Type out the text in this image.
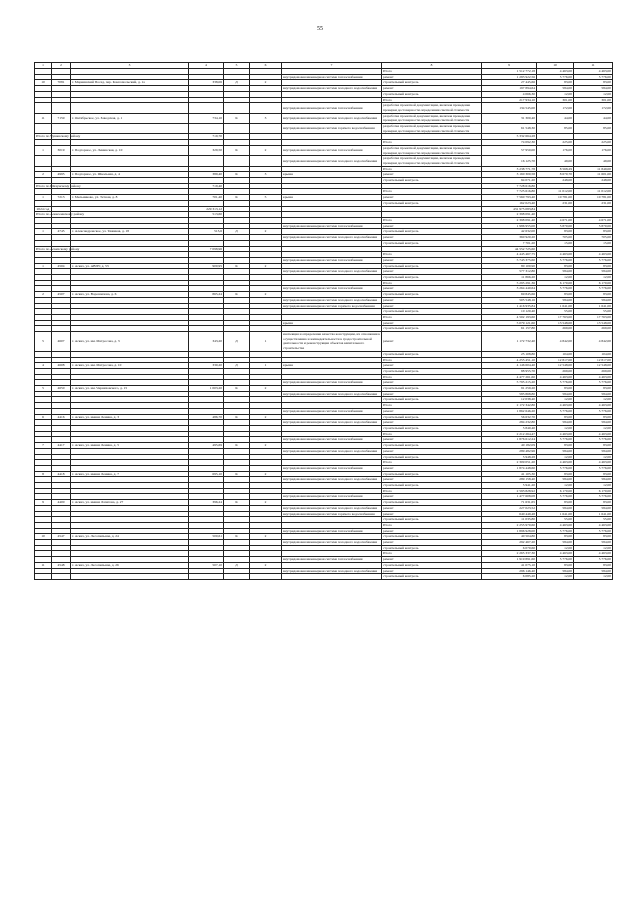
55
1	2	3	4	5	6	7	8	9	10	11
							Итого	1 512 772,18	4 463,00	4 463,00
						внутридомовая инженерная система теплоснабжения	ремонт	1 283 922,56	5 776,00	5 776,00
10	7081	г. Мариинский Посад, пер. Комсомольский, д. 1а	338,06	Д	2		строительный контроль	27 445,66	83,00	83,00
						внутридомовая инженерная система холодного водоснабжения	ремонт	197 894,64	584,00	584,00
							строительный контроль	4 066,30	12,00	12,00
							Итого	217 934,10	301,00	301,00
						внутридомовая инженерная система теплоснабжения	разработка проектной документации, включая проведение проверки достоверности определения сметной стоимости	134 545,00	172,00	172,00
11	7159	г. Октябрьское, ул. Заводская, д. 1	734,10	К	3	внутридомовая инженерная система холодного водоснабжения	разработка проектной документации, включая проведение проверки достоверности определения сметной стоимости	31 300,40	44,00	44,00
						внутридомовая инженерная система горячего водоснабжения	разработка проектной документации, включая проведение проверки достоверности определения сметной стоимости	61 548,30	85,00	85,00
Итого по Чувашскому району			719,70					5 332 664,28		
							Итого	74 092,30	225,00	225,00
1	3019	г. Подгорное, ул. Ленинская, д. 10	329,50	К	2	внутридомовая инженерная система теплоснабжения	разработка проектной документации, включая проведение проверки достоверности определения сметной стоимости	57 950,00	176,00	176,00
						внутридомовая инженерная система холодного водоснабжения	разработка проектной документации, включая проведение проверки достоверности определения сметной стоимости	16 125,70	49,00	49,00
							Итого	3 238 771,78	8 568,29	11 849,00
2	4995	г. Подгорное, ул. Школьная, д. 4	389,40	К	3	крыша	ремонт	3 160 300,58	8 670,70	11 601,00
							строительный контроль	94 071,20	248,00	248,00
Итого по Шахунскому району			719,40					7 728 616,80		
							Итого	7 725 616,80	11 012,00	11 012,00
1	7213	г. Мельниково, ул. Тетюш, д. 8	701,40	К	5	крыша	ремонт	7 560 793,40	10 781,00	10 781,00
							строительный контроль	162 023,40	231,00	231,00
2024 год			229 313,12					431 975 083,84		
Итого по Алексеевскому району			513,60					2 398 091,40		
							Итого	2 398 091,40	4 671,00	4 671,00
						внутридомовая инженерная система теплоснабжения	ремонт	1 986 955,00	5 870,00	5 870,00
1	4745	г. Александровское, ул. Тяжиков, д. 18	513,6	Д	2		строительный контроль	42 632,00	83,00	83,00
						внутридомовая инженерная система холодного водоснабжения	ремонт	360 920,20	705,00	705,00
							строительный контроль	7 701,20	15,00	15,00
Итого по Аскизскому району			7 098,96					44 552 725,60		
							Итого	4 445 467,75	4 463,00	4 463,00
						внутридомовая инженерная система теплоснабжения	ремонт	5 743 375,60	5 776,00	5 776,00
1	4504	г. Аскиз, ул. АВПУ, д. 53	900,95	К	2		строительный контроль	80 100,90	83,00	83,00
						внутридомовая инженерная система холодного водоснабжения	ремонт	577 312,80	584,00	584,00
							строительный контроль	11 866,20	12,00	12,00
							Итого	5 295 291,36	6 170,00	6 170,00
						внутридомовая инженерная система теплоснабжения	ремонт	3 264 440,64	5 776,00	5 776,00
2	4507	г. Аскиз, ул. Ворошилова, д. 6	865,24	К	2		строительный контроль	69 845,66	83,00	83,00
						внутридомовая инженерная система холодного водоснабжения	ремонт	505 548,16	584,00	584,00
						внутридомовая инженерная система горячего водоснабжения	ремонт	1 416 935,84	1 641,00	1 641,00
							строительный контроль	10 120,40	55,00	55,00
							Итого	4 502 193,60	17 763,00	17 763,00
						крыша	ремонт	5 079 121,60	13 548,00	13 548,00
							строительный контроль	61 157,80	269,00	269,00
5	4607	г. Аскиз, ул. им. Матросова, д. 3	343,20	Д	1	инспекция и определение качества конструкции, их отношения к осуществлению и жизнедеятельности к градостроительной деятельности и реконструкции объектов капитального строительства	ремонт	1 172 732,40	4 842,00	4 842,00
							строительный контроль	25 108,80	104,00	104,00
							Итого	4 255 451,10	12 817,00	12 817,00
4	4608	г. Аскиз, ул. им. Матросова, д. 10	330,20	Д	1	крыша	ремонт	4 146 604,40	12 548,00	12 548,00
							строительный контроль	88 955,70	269,00	269,00
							Итого	4 477 261,60	4 463,00	4 463,00
						внутридомовая инженерная система теплоснабжения	ремонт	5 795 215,20	5 776,00	5 776,00
5	4650	г. Аскиз, ул. им. Черняховского, д. 15	1 003,20	К	2		строительный контроль	91 259,20	83,00	83,00
						внутридомовая инженерная система холодного водоснабжения	ремонт	585 868,80	584,00	584,00
							строительный контроль	12 038,40	12,00	12,00
							Итого	2 172 342,80	4 463,00	4 463,00
						внутридомовая инженерная система теплоснабжения	ремонт	1 862 646,20	5 776,00	5 776,00
6	4416	г. Аскиз, ул. имени Ленина, д. 3	486,70	К	2		строительный контроль	56 632,70	83,00	83,00
						внутридомовая инженерная система холодного водоснабжения	ремонт	284 232,80	584,00	584,00
							строительный контроль	5 840,40	12,00	12,00
							Итого	2 212 264,47	4 463,00	4 463,00
						внутридомовая инженерная система теплоснабжения	ремонт	1 876 612,24	5 776,00	5 776,00
7	4417	г. Аскиз, ул. имени Ленина, д. 5	495,69	К	2		строительный контроль	40 182,09	83,00	83,00
						внутридомовая инженерная система холодного водоснабжения	ремонт	289 482,96	584,00	584,00
							строительный контроль	5 948,28	12,00	12,00
							Итого	2 309 051,20	4 463,00	4 463,00
						внутридомовая инженерная система теплоснабжения	ремонт	1 874 448,60	5 776,00	5 776,00
8	4418	г. Аскиз, ул. имени Ленина, д. 7	695,10	К	2		строительный контроль	41 105,30	83,00	83,00
						внутридомовая инженерная система холодного водоснабжения	ремонт	289 158,40	584,00	584,00
							строительный контроль	5 941,20	12,00	12,00
							Итого	2 593 828,92	6 170,00	6 170,00
						внутридомовая инженерная система теплоснабжения	ремонт	1 477 608,08	5 776,00	5 776,00
9	4400	г. Аскиз, ул. имени Лапатова, д. 27	396,24	К	2		строительный контроль	71 631,65	83,00	83,00
						внутридомовая инженерная система холодного водоснабжения	ремонт	227 023,52	584,00	584,00
						внутридомовая инженерная система горячего водоснабжения	ремонт	640 449,48	1 641,00	1 641,00
							строительный контроль	11 035,80	55,00	55,00
							Итого	2 255 970,60	4 463,00	4 463,00
						внутридомовая инженерная система теплоснабжения	ремонт	1 896 928,00	5 776,00	5 776,00
10	4547	г. Аскиз, ул. Лесопильная, д. 24	500,61	К	2		строительный контроль	40 504,80	83,00	83,00
						внутридомовая инженерная система холодного водоснабжения	ремонт	292 467,20	584,00	584,00
							строительный контроль	6 070,60	12,00	12,00
							Итого	2 265 337,30	4 463,00	4 463,00
						внутридомовая инженерная система теплоснабжения	ремонт	1 919 891,60	5 776,00	5 776,00
11	4548	г. Аскиз, ул. Лесопильная, д. 26	507,10	Д	2		строительный контроль	41 075,10	83,00	83,00
						внутридомовая инженерная система холодного водоснабжения	ремонт	296 146,40	584,00	584,00
							строительный контроль	6 085,20	12,00	12,00
